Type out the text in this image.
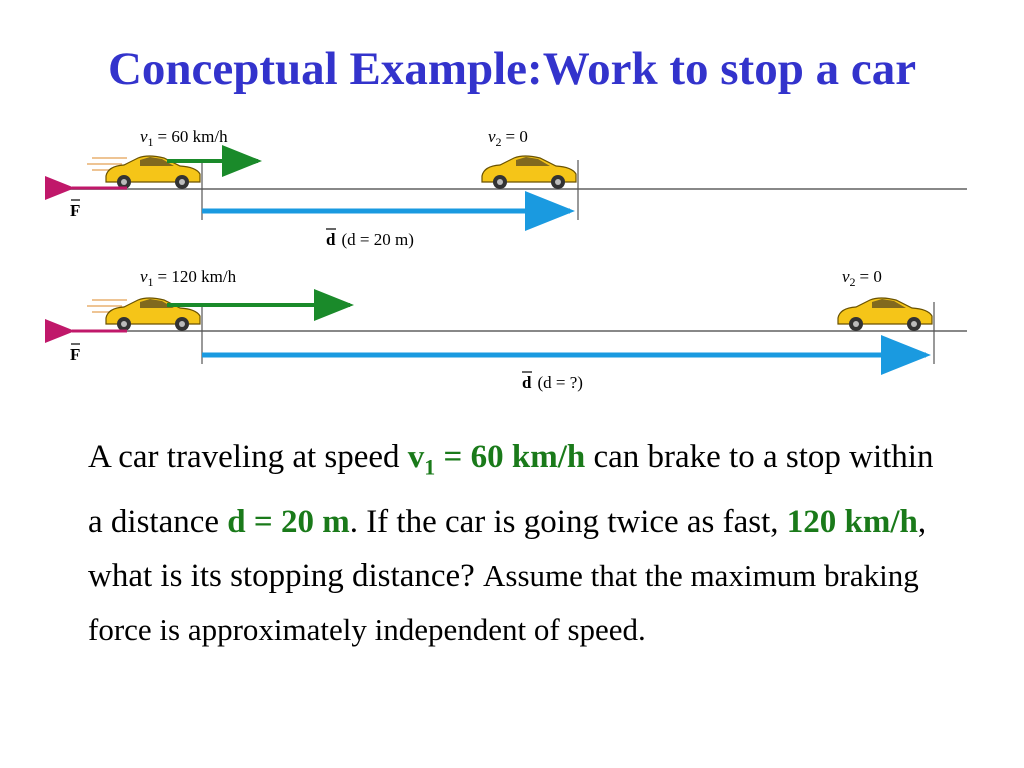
Conceptual Example:Work to stop a car
$v_1 = 60$ km/h	$v_2 = 0$
F
d (d = 20 m)
$v_1 = 120$ km/h	$v_2 = 0$
F
d (d = ?)

A car traveling at speed $v_1 = 60$ km/h can brake to a stop within a distance d = 20 m. If the car is going twice as fast, 120 km/h, what is its stopping distance? Assume that the maximum braking force is approximately independent of speed.
